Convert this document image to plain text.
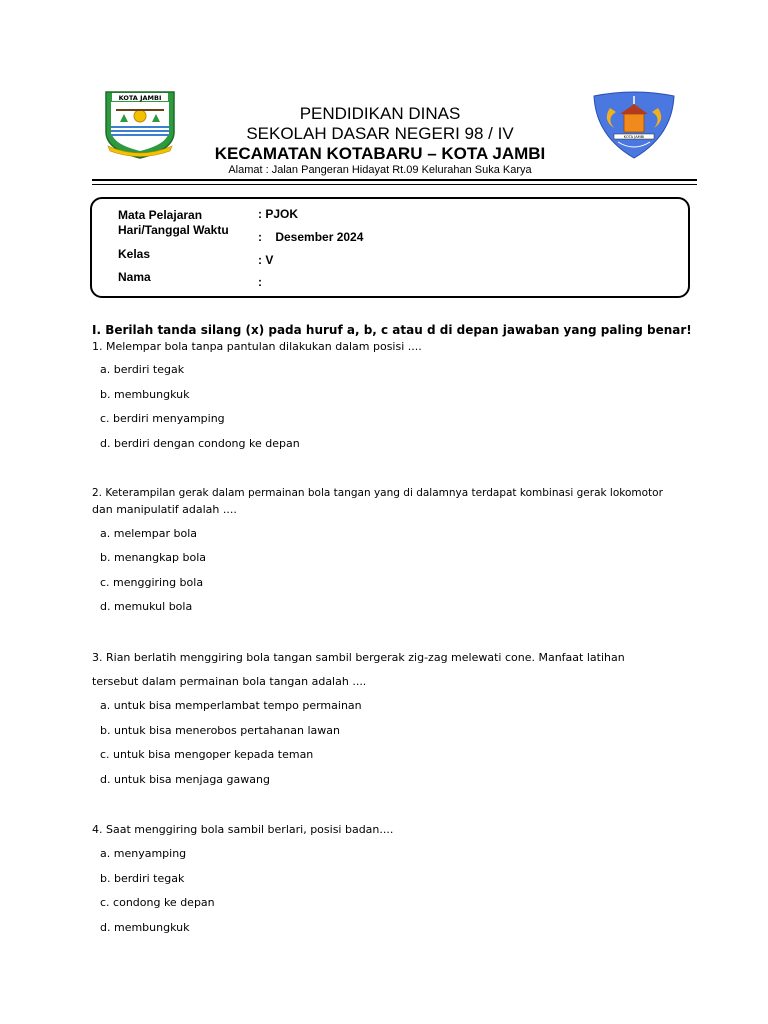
KOTA JAMBI
KOTA JAMBI
PENDIDIKAN DINAS
SEKOLAH DASAR NEGERI 98 / IV
KECAMATAN KOTABARU – KOTA JAMBI
Alamat : Jalan Pangeran Hidayat Rt.09 Kelurahan Suka Karya
Mata Pelajaran	: PJOK
Hari/Tanggal Waktu :    Desember 2024
Kelas	: V
Nama	:
I. Berilah tanda silang (x) pada huruf a, b, c atau d di depan jawaban yang paling benar!
1. Melempar bola tanpa pantulan dilakukan dalam posisi ....
a. berdiri tegak
b. membungkuk
c. berdiri menyamping
d. berdiri dengan condong ke depan
2. Keterampilan gerak dalam permainan bola tangan yang di dalamnya terdapat kombinasi gerak lokomotor
dan manipulatif adalah ....
a. melempar bola
b. menangkap bola
c. menggiring bola
d. memukul bola
3. Rian berlatih menggiring bola tangan sambil bergerak zig-zag melewati cone. Manfaat latihan
tersebut dalam permainan bola tangan adalah ....
a. untuk bisa memperlambat tempo permainan
b. untuk bisa menerobos pertahanan lawan
c. untuk bisa mengoper kepada teman
d. untuk bisa menjaga gawang
4. Saat menggiring bola sambil berlari, posisi badan....
a. menyamping
b. berdiri tegak
c. condong ke depan
d. membungkuk
